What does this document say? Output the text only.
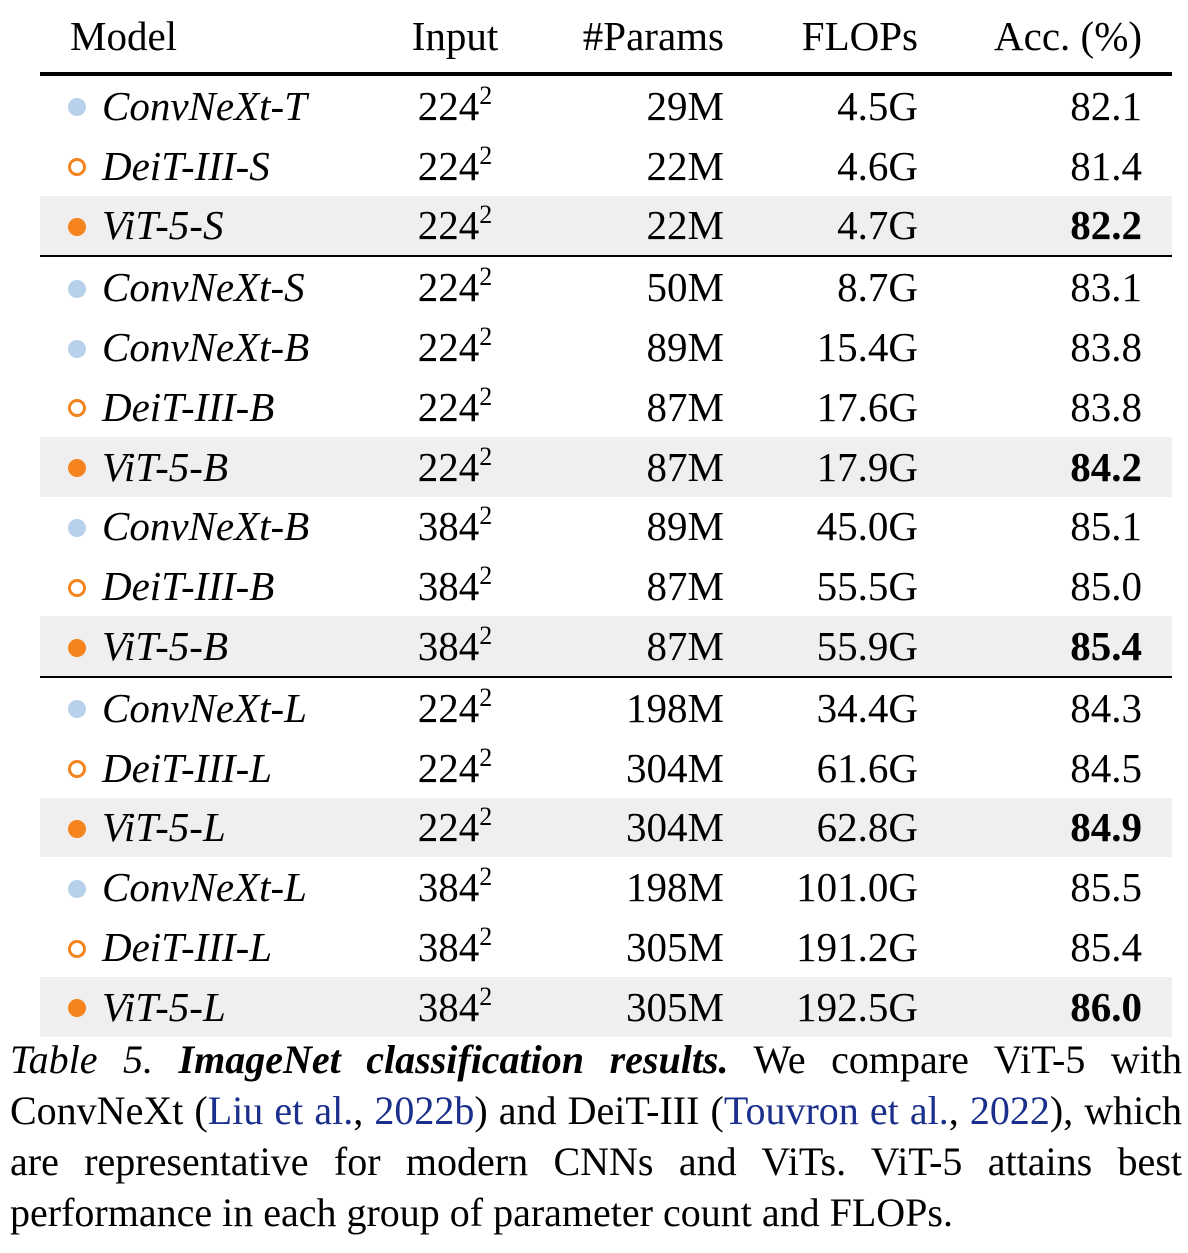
Model	Input	#Params	FLOPs	Acc. (%)
ConvNeXt-T	$224^2$	29M	4.5G	82.1
DeiT-III-S	$224^2$	22M	4.6G	81.4
ViT-5-S	$224^2$	22M	4.7G	82.2
ConvNeXt-S	$224^2$	50M	8.7G	83.1
ConvNeXt-B	$224^2$	89M	15.4G	83.8
DeiT-III-B	$224^2$	87M	17.6G	83.8
ViT-5-B	$224^2$	87M	17.9G	84.2
ConvNeXt-B	$384^2$	89M	45.0G	85.1
DeiT-III-B	$384^2$	87M	55.5G	85.0
ViT-5-B	$384^2$	87M	55.9G	85.4
ConvNeXt-L	$224^2$	198M	34.4G	84.3
DeiT-III-L	$224^2$	304M	61.6G	84.5
ViT-5-L	$224^2$	304M	62.8G	84.9
ConvNeXt-L	$384^2$	198M	101.0G	85.5
DeiT-III-L	$384^2$	305M	191.2G	85.4
ViT-5-L	$384^2$	305M	192.5G	86.0
Table 5. ImageNet classification results. We compare ViT-5 with ConvNeXt (Liu et al., 2022b) and DeiT-III (Touvron et al., 2022), which are representative for modern CNNs and ViTs. ViT-5 attains best performance in each group of parameter count and FLOPs.
